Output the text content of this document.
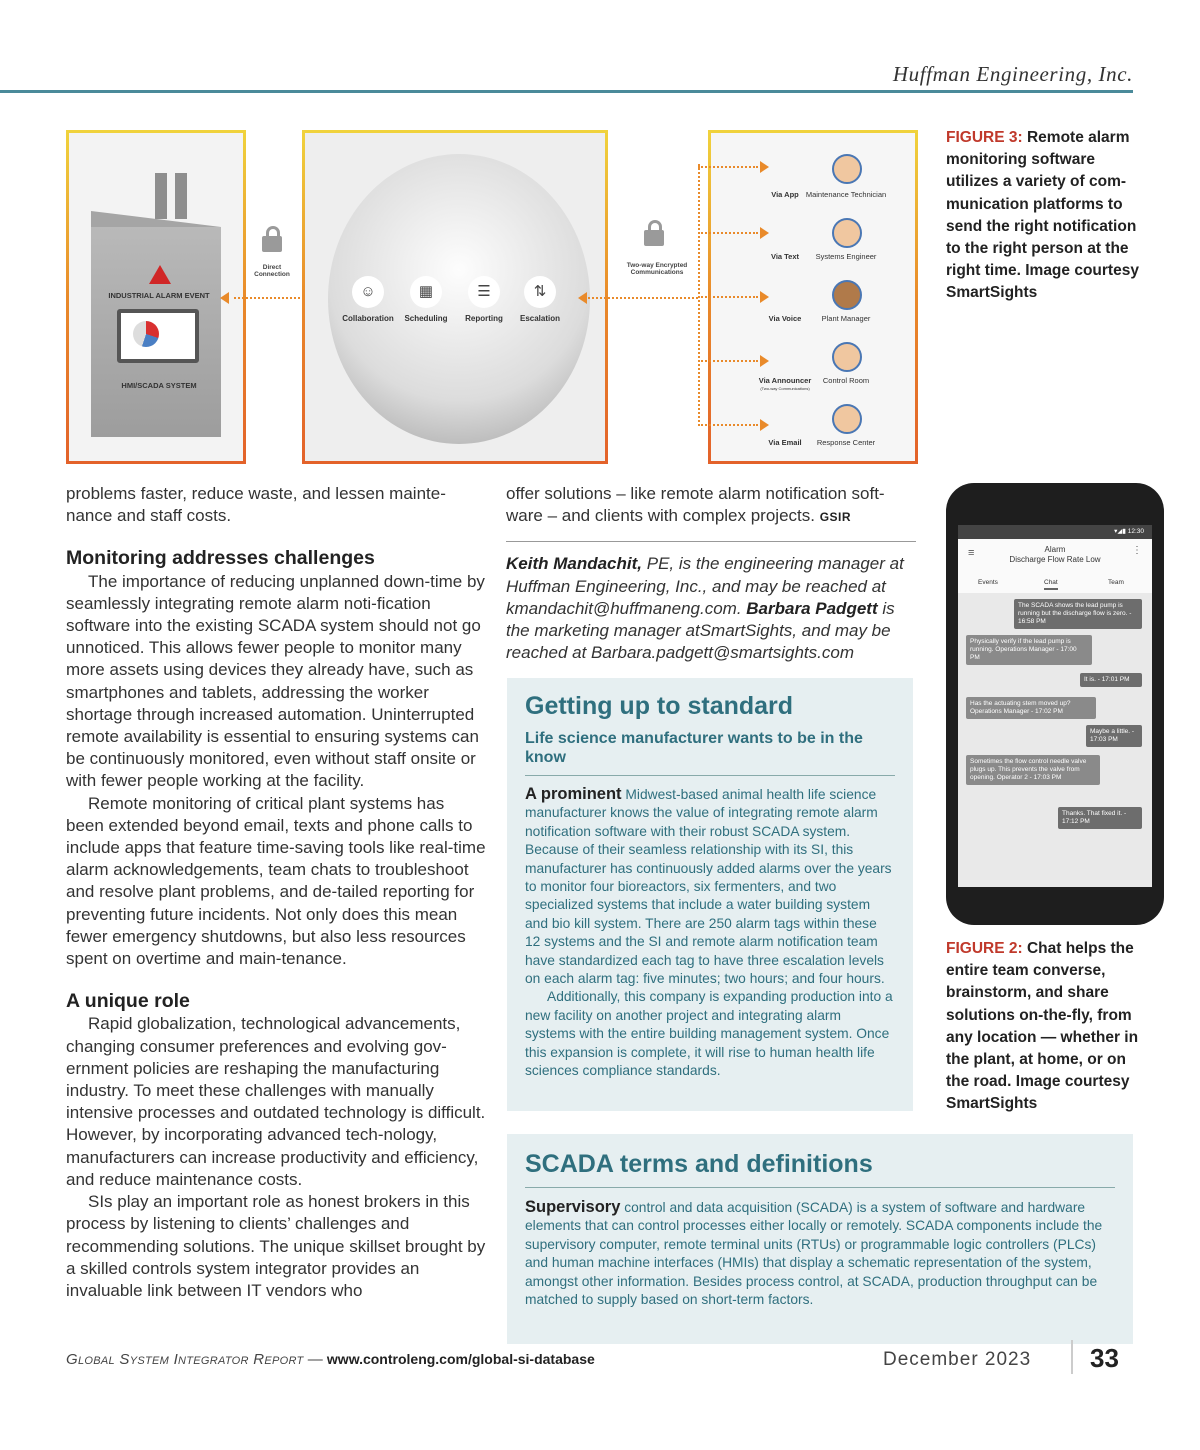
Huffman Engineering, Inc.
INDUSTRIAL ALARM EVENT
HMI/SCADA SYSTEM
Direct Connection
☺
Collaboration
▦
Scheduling
☰
Reporting
⇅
Escalation
Two-way Encrypted Communications
Via App
Via Text
Via Voice
Via Announcer
(Two-way Communications)
Via Email
Maintenance Technician
Systems Engineer
Plant Manager
Control Room
Response Center
FIGURE 3: Remote alarm monitoring software utilizes a variety of com-munication platforms to send the right notification to the right person at the right time. Image courtesy SmartSights

problems faster, reduce waste, and lessen mainte-nance and staff costs.

Monitoring addresses challenges

The importance of reducing unplanned down-time by seamlessly integrating remote alarm noti-fication software into the existing SCADA system should not go unnoticed. This allows fewer people to monitor many more assets using devices they already have, such as smartphones and tablets, addressing the worker shortage through increased automation. Uninterrupted remote availability is essential to ensuring systems can be continuously monitored, even without staff onsite or with fewer people working at the facility.

Remote monitoring of critical plant systems has been extended beyond email, texts and phone calls to include apps that feature time-saving tools like real-time alarm acknowledgements, team chats to troubleshoot and resolve plant problems, and de-tailed reporting for preventing future incidents. Not only does this mean fewer emergency shutdowns, but also less resources spent on overtime and main-tenance.

A unique role

Rapid globalization, technological advancements, changing consumer preferences and evolving gov-ernment policies are reshaping the manufacturing industry. To meet these challenges with manually intensive processes and outdated technology is difficult. However, by incorporating advanced tech-nology, manufacturers can increase productivity and efficiency, and reduce maintenance costs.

SIs play an important role as honest brokers in this process by listening to clients’ challenges and recommending solutions. The unique skillset brought by a skilled controls system integrator provides an invaluable link between IT vendors who

offer solutions – like remote alarm notification soft-ware – and clients with complex projects. GSIR

Keith Mandachit, PE, is the engineering manager at Huffman Engineering, Inc., and may be reached at kmandachit@huffmaneng.com. Barbara Padgett is the marketing manager atSmartSights, and may be reached at Barbara.padgett@smartsights.com

Getting up to standard
Life science manufacturer wants to be in the know

A prominent Midwest-based animal health life science manufacturer knows the value of integrating remote alarm notification software with their robust SCADA system. Because of their seamless relationship with its SI, this manufacturer has continuously added alarms over the years to monitor four bioreactors, six fermenters, and two specialized systems that include a water building system and bio kill system. There are 250 alarm tags within these 12 systems and the SI and remote alarm notification team have standardized each tag to have three escalation levels on each alarm tag: five minutes; two hours; and four hours.

Additionally, this company is expanding production into a new facility on another project and integrating alarm systems with the entire building management system. Once this expansion is complete, it will rise to human health life sciences compliance standards.

SCADA terms and definitions

Supervisory control and data acquisition (SCADA) is a system of software and hardware elements that can control processes either locally or remotely. SCADA components include the supervisory computer, remote terminal units (RTUs) or programmable logic controllers (PLCs) and human machine interfaces (HMIs) that display a schematic representation of the system, amongst other information. Besides process control, at SCADA, production throughput can be matched to supply based on short-term factors.

▾◢▮ 12:30
≡	Alarm
Discharge Flow Rate Low
⋮
Events	Chat	Team
The SCADA shows the lead pump is running but the discharge flow is zero. - 16:58 PM
Physically verify if the lead pump is running. Operations Manager - 17:00 PM
It is. - 17:01 PM
Has the actuating stem moved up? Operations Manager - 17:02 PM
Maybe a little. - 17:03 PM
Sometimes the flow control needle valve plugs up. This prevents the valve from opening. Operator 2 - 17:03 PM
Thanks. That fixed it. - 17:12 PM
FIGURE 2: Chat helps the entire team converse, brainstorm, and share solutions on-the-fly, from any location — whether in the plant, at home, or on the road. Image courtesy SmartSights
Global System Integrator Report — www.controleng.com/global-si-database	December 2023 33
